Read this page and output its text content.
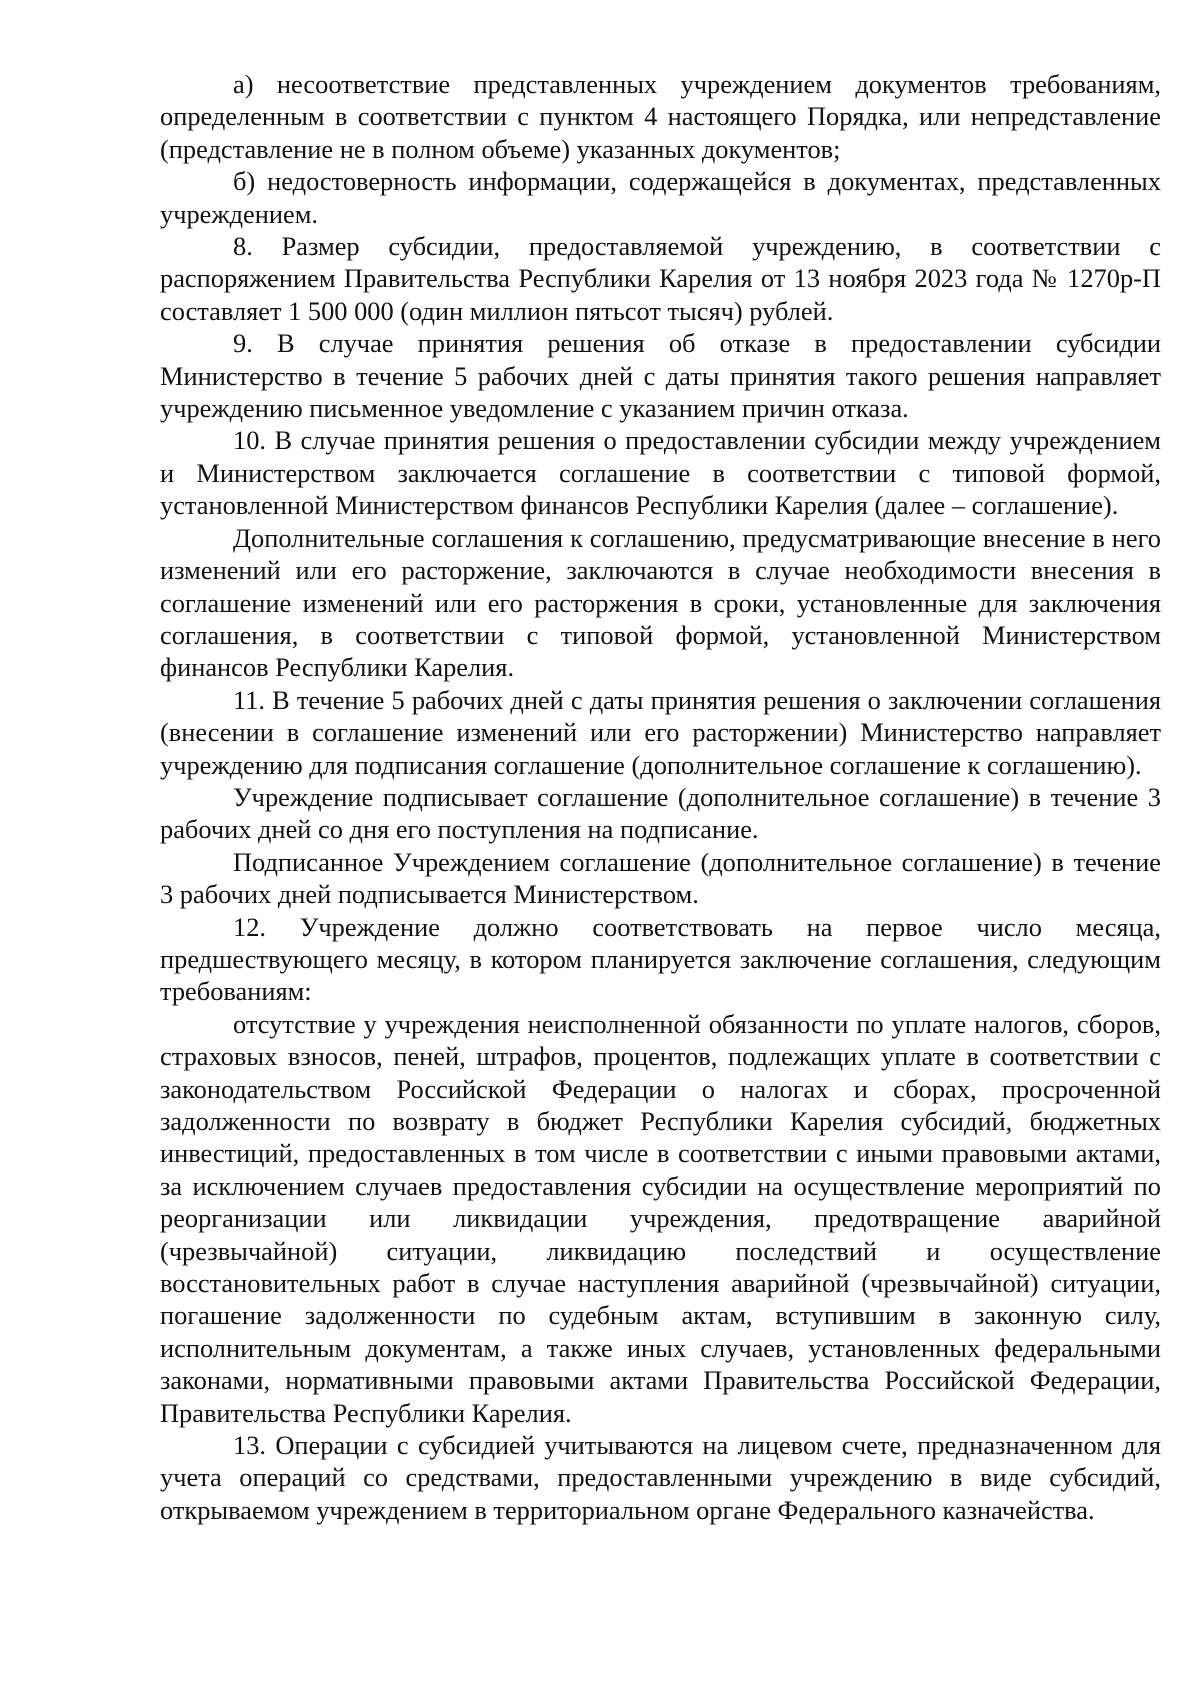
а) несоответствие представленных учреждением документов требованиям, определенным в соответствии с пунктом 4 настоящего Порядка, или непредставление (представление не в полном объеме) указанных документов;

б) недостоверность информации, содержащейся в документах, представленных учреждением.

8. Размер субсидии, предоставляемой учреждению, в соответствии с распоряжением Правительства Республики Карелия от 13 ноября 2023 года № 1270р-П составляет 1 500 000 (один миллион пятьсот тысяч) рублей.

9. В случае принятия решения об отказе в предоставлении субсидии Министерство в течение 5 рабочих дней с даты принятия такого решения направляет учреждению письменное уведомление с указанием причин отказа.

10. В случае принятия решения о предоставлении субсидии между учреждением и Министерством заключается соглашение в соответствии с типовой формой, установленной Министерством финансов Республики Карелия (далее – соглашение).

Дополнительные соглашения к соглашению, предусматривающие внесение в него изменений или его расторжение, заключаются в случае необходимости внесения в соглашение изменений или его расторжения в сроки, установленные для заключения соглашения, в соответствии с типовой формой, установленной Министерством финансов Республики Карелия.

11. В течение 5 рабочих дней с даты принятия решения о заключении соглашения (внесении в соглашение изменений или его расторжении) Министерство направляет учреждению для подписания соглашение (дополнительное соглашение к соглашению).

Учреждение подписывает соглашение (дополнительное соглашение) в течение 3 рабочих дней со дня его поступления на подписание.

Подписанное Учреждением соглашение (дополнительное соглашение) в течение 3 рабочих дней подписывается Министерством.

12. Учреждение должно соответствовать на первое число месяца, предшествующего месяцу, в котором планируется заключение соглашения, следующим требованиям:

отсутствие у учреждения неисполненной обязанности по уплате налогов, сборов, страховых взносов, пеней, штрафов, процентов, подлежащих уплате в соответствии с законодательством Российской Федерации о налогах и сборах, просроченной задолженности по возврату в бюджет Республики Карелия субсидий, бюджетных инвестиций, предоставленных в том числе в соответствии с иными правовыми актами, за исключением случаев предоставления субсидии на осуществление мероприятий по реорганизации или ликвидации учреждения, предотвращение аварийной (чрезвычайной) ситуации, ликвидацию последствий и осуществление восстановительных работ в случае наступления аварийной (чрезвычайной) ситуации, погашение задолженности по судебным актам, вступившим в законную силу, исполнительным документам, а также иных случаев, установленных федеральными законами, нормативными правовыми актами Правительства Российской Федерации, Правительства Республики Карелия.

13. Операции с субсидией учитываются на лицевом счете, предназначенном для учета операций со средствами, предоставленными учреждению в виде субсидий, открываемом учреждением в территориальном органе Федерального казначейства.
